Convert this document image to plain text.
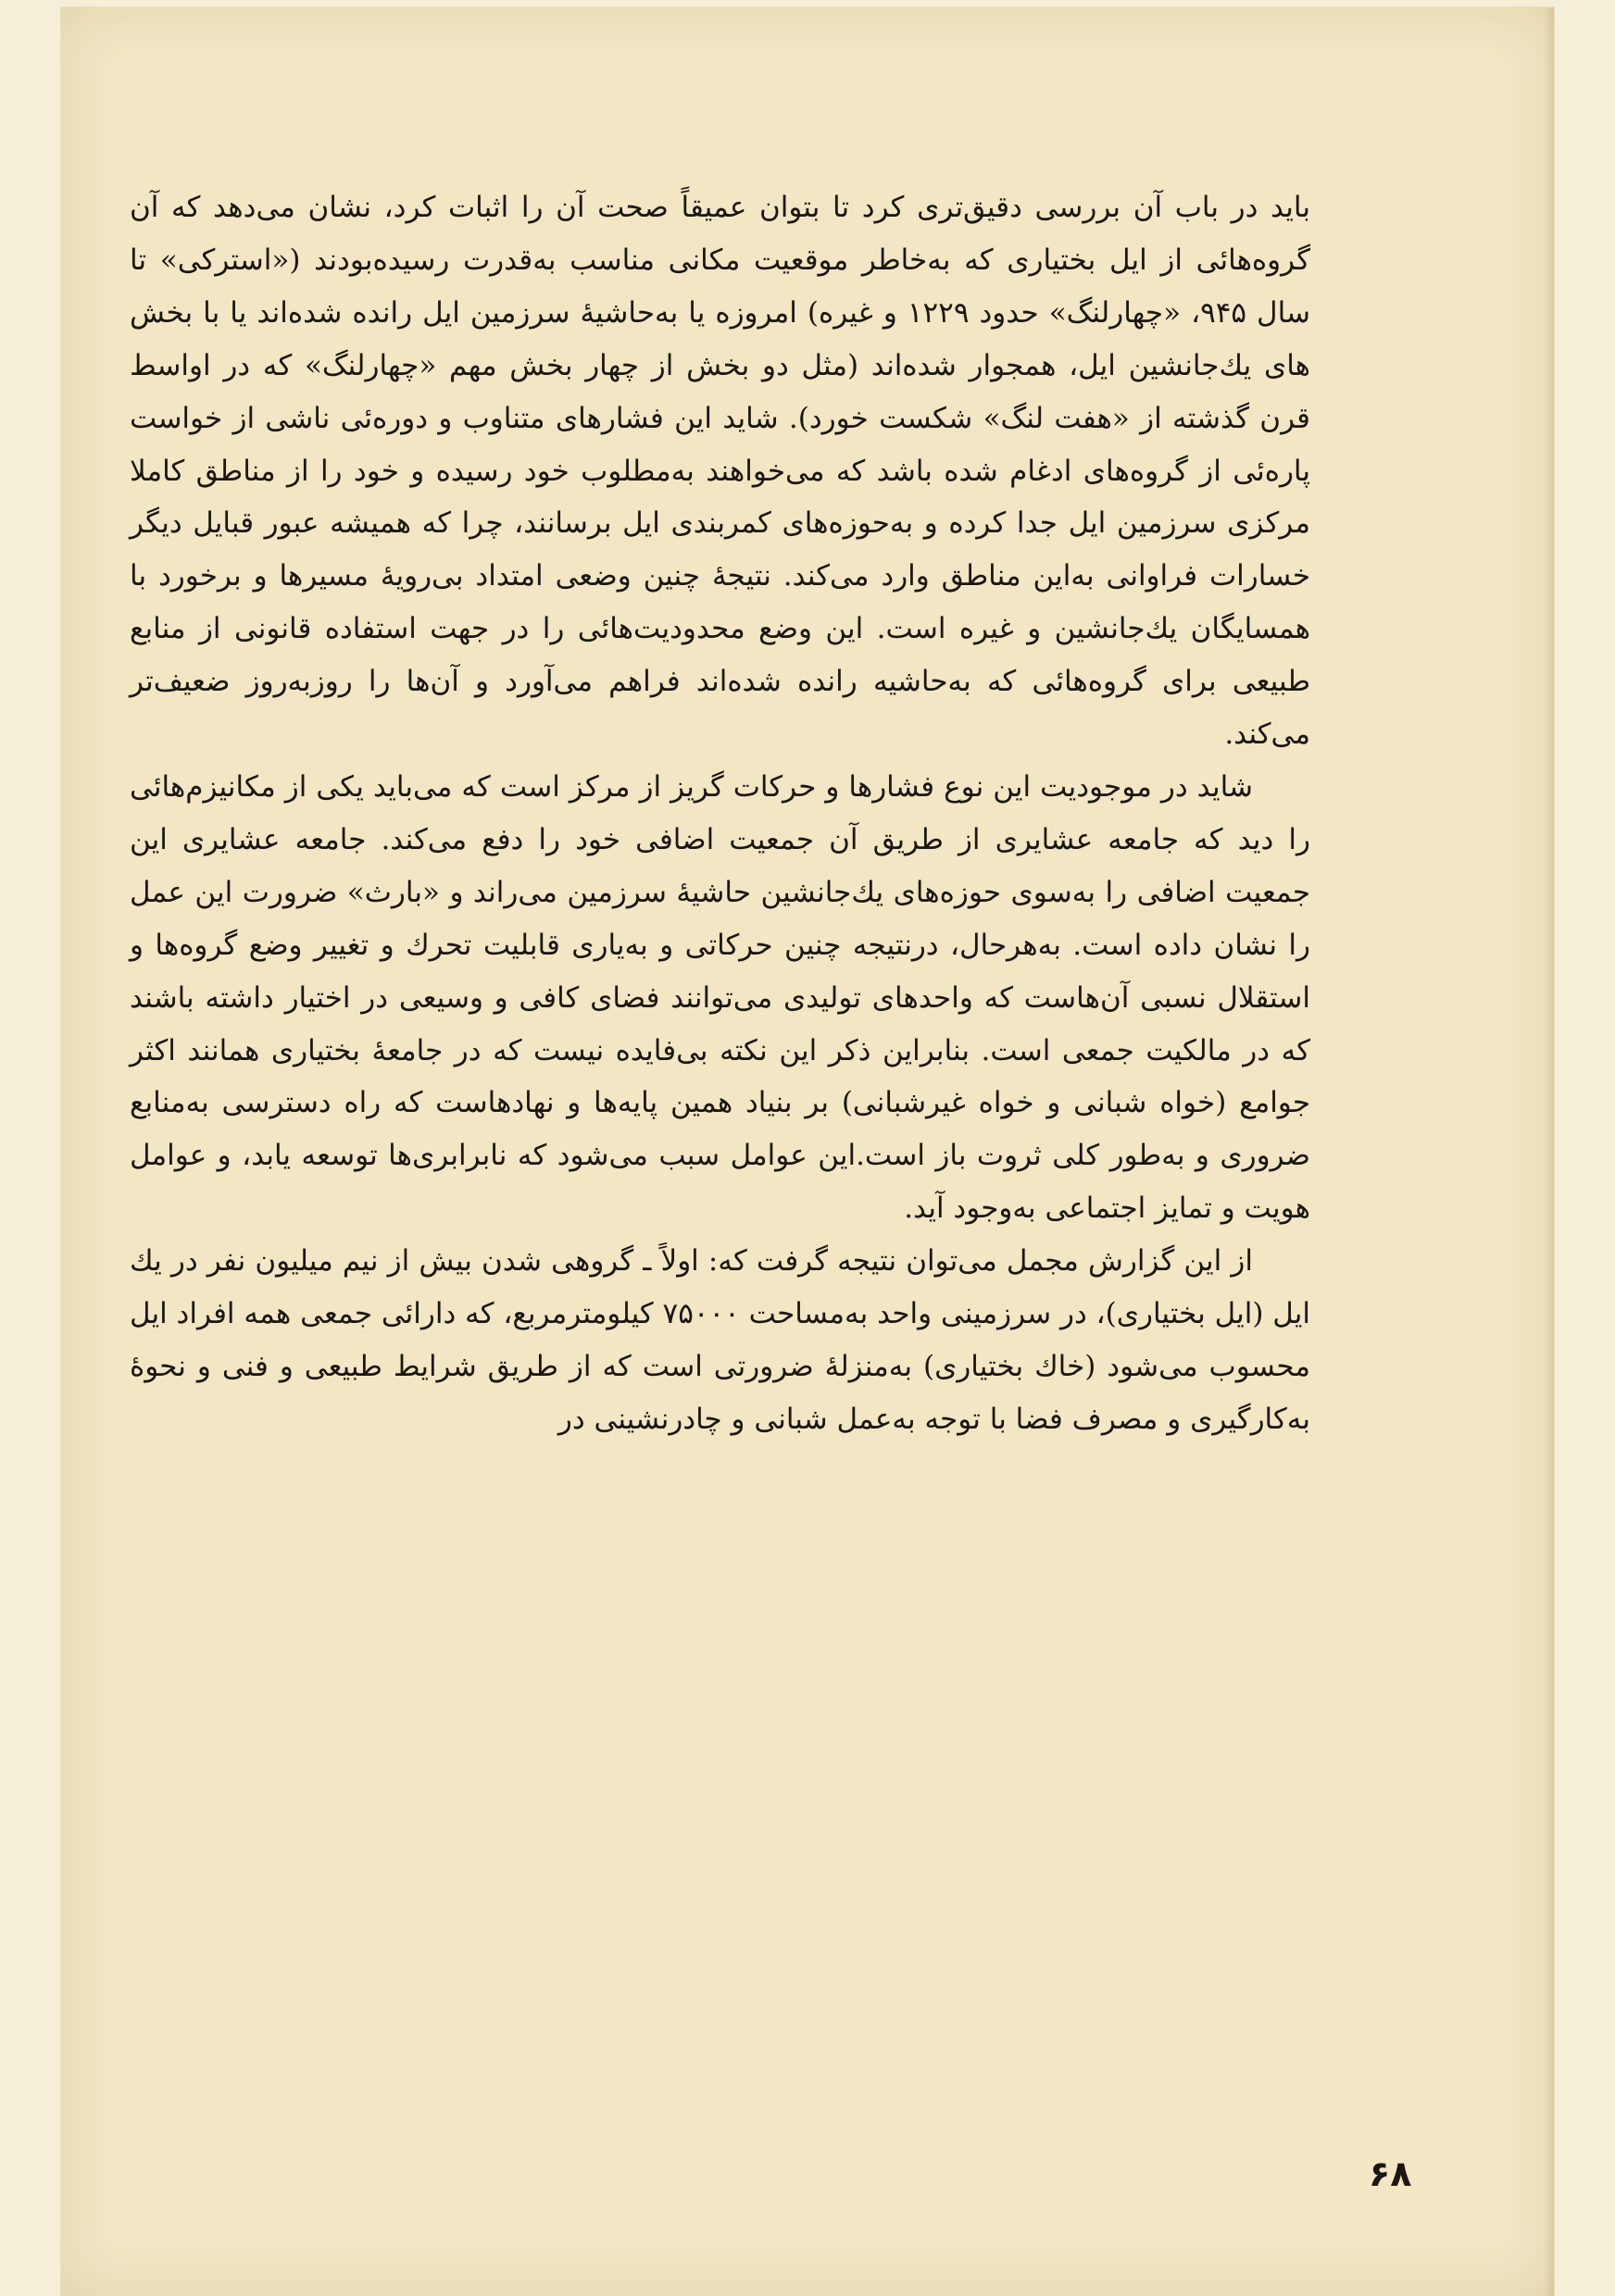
باید در باب آن بررسی دقیق‌تری کرد تا بتوان عمیقاً صحت آن را اثبات کرد، نشان می‌دهد که آن گروه‌هائی از ایل بختیاری که به‌خاطر موقعیت مکانی مناسب به‌قدرت رسیده‌بودند («استرکی» تا سال ۹۴۵، «چهارلنگ» حدود ۱۲۲۹ و غیره) امروزه یا به‌حاشیهٔ سرزمین ایل رانده شده‌اند یا با بخش های یك‌جانشین ایل، همجوار شده‌اند (مثل دو بخش از چهار بخش مهم «چهارلنگ» که در اواسط قرن گذشته از «هفت لنگ» شکست خورد). شاید این فشارهای متناوب و دوره‌ئی ناشی از خواست پاره‌ئی از گروه‌های ادغام شده باشد که می‌خواهند به‌مطلوب خود رسیده و خود را از مناطق کاملا مرکزی سرزمین ایل جدا کرده و به‌حوزه‌های کمربندی ایل برسانند، چرا که همیشه عبور قبایل دیگر خسارات فراوانی به‌این مناطق وارد می‌کند. نتیجهٔ چنین وضعی امتداد بی‌رویهٔ مسیرها و برخورد با همسایگان یك‌جانشین و غیره است. این وضع محدودیت‌هائی را در جهت استفاده قانونی از منابع طبیعی برای گروه‌هائی که به‌حاشیه رانده شده‌اند فراهم می‌آورد و آن‌ها را روزبه‌روز ضعیف‌تر می‌کند.

شاید در موجودیت این نوع فشارها و حرکات گریز از مرکز است که می‌باید یکی از مکانیزم‌هائی را دید که جامعه عشایری از طریق آن جمعیت اضافی خود را دفع می‌کند. جامعه عشایری این جمعیت اضافی را به‌سوی حوزه‌های یك‌جانشین حاشیهٔ سرزمین می‌راند و «بارث» ضرورت این عمل را نشان داده است. به‌هرحال، درنتیجه چنین حرکاتی و به‌یاری قابلیت تحرك و تغییر وضع گروه‌ها و استقلال نسبی آن‌هاست که واحدهای تولیدی می‌توانند فضای کافی و وسیعی در اختیار داشته باشند که در مالکیت جمعی است. بنابراین ذکر این نکته بی‌فایده نیست که در جامعهٔ بختیاری همانند اکثر جوامع (خواه شبانی و خواه غیرشبانی) بر بنیاد همین پایه‌ها و نهادهاست که راه دسترسی به‌منابع ضروری و به‌طور کلی ثروت باز است.این عوامل سبب می‌شود که نابرابری‌ها توسعه یابد، و عوامل هویت و تمایز اجتماعی به‌وجود آید.

از این گزارش مجمل می‌توان نتیجه گرفت که: اولاً ـ گروهی شدن بیش از نیم میلیون نفر در یك ایل (ایل بختیاری)، در سرزمینی واحد به‌مساحت ۷۵۰۰۰ کیلومترمربع، که دارائی جمعی همه افراد ایل محسوب می‌شود (خاك بختیاری) به‌منزلهٔ ضرورتی است که از طریق شرایط طبیعی و فنی و نحوهٔ به‌کارگیری و مصرف فضا با توجه به‌عمل شبانی و چادرنشینی در

۶۸
